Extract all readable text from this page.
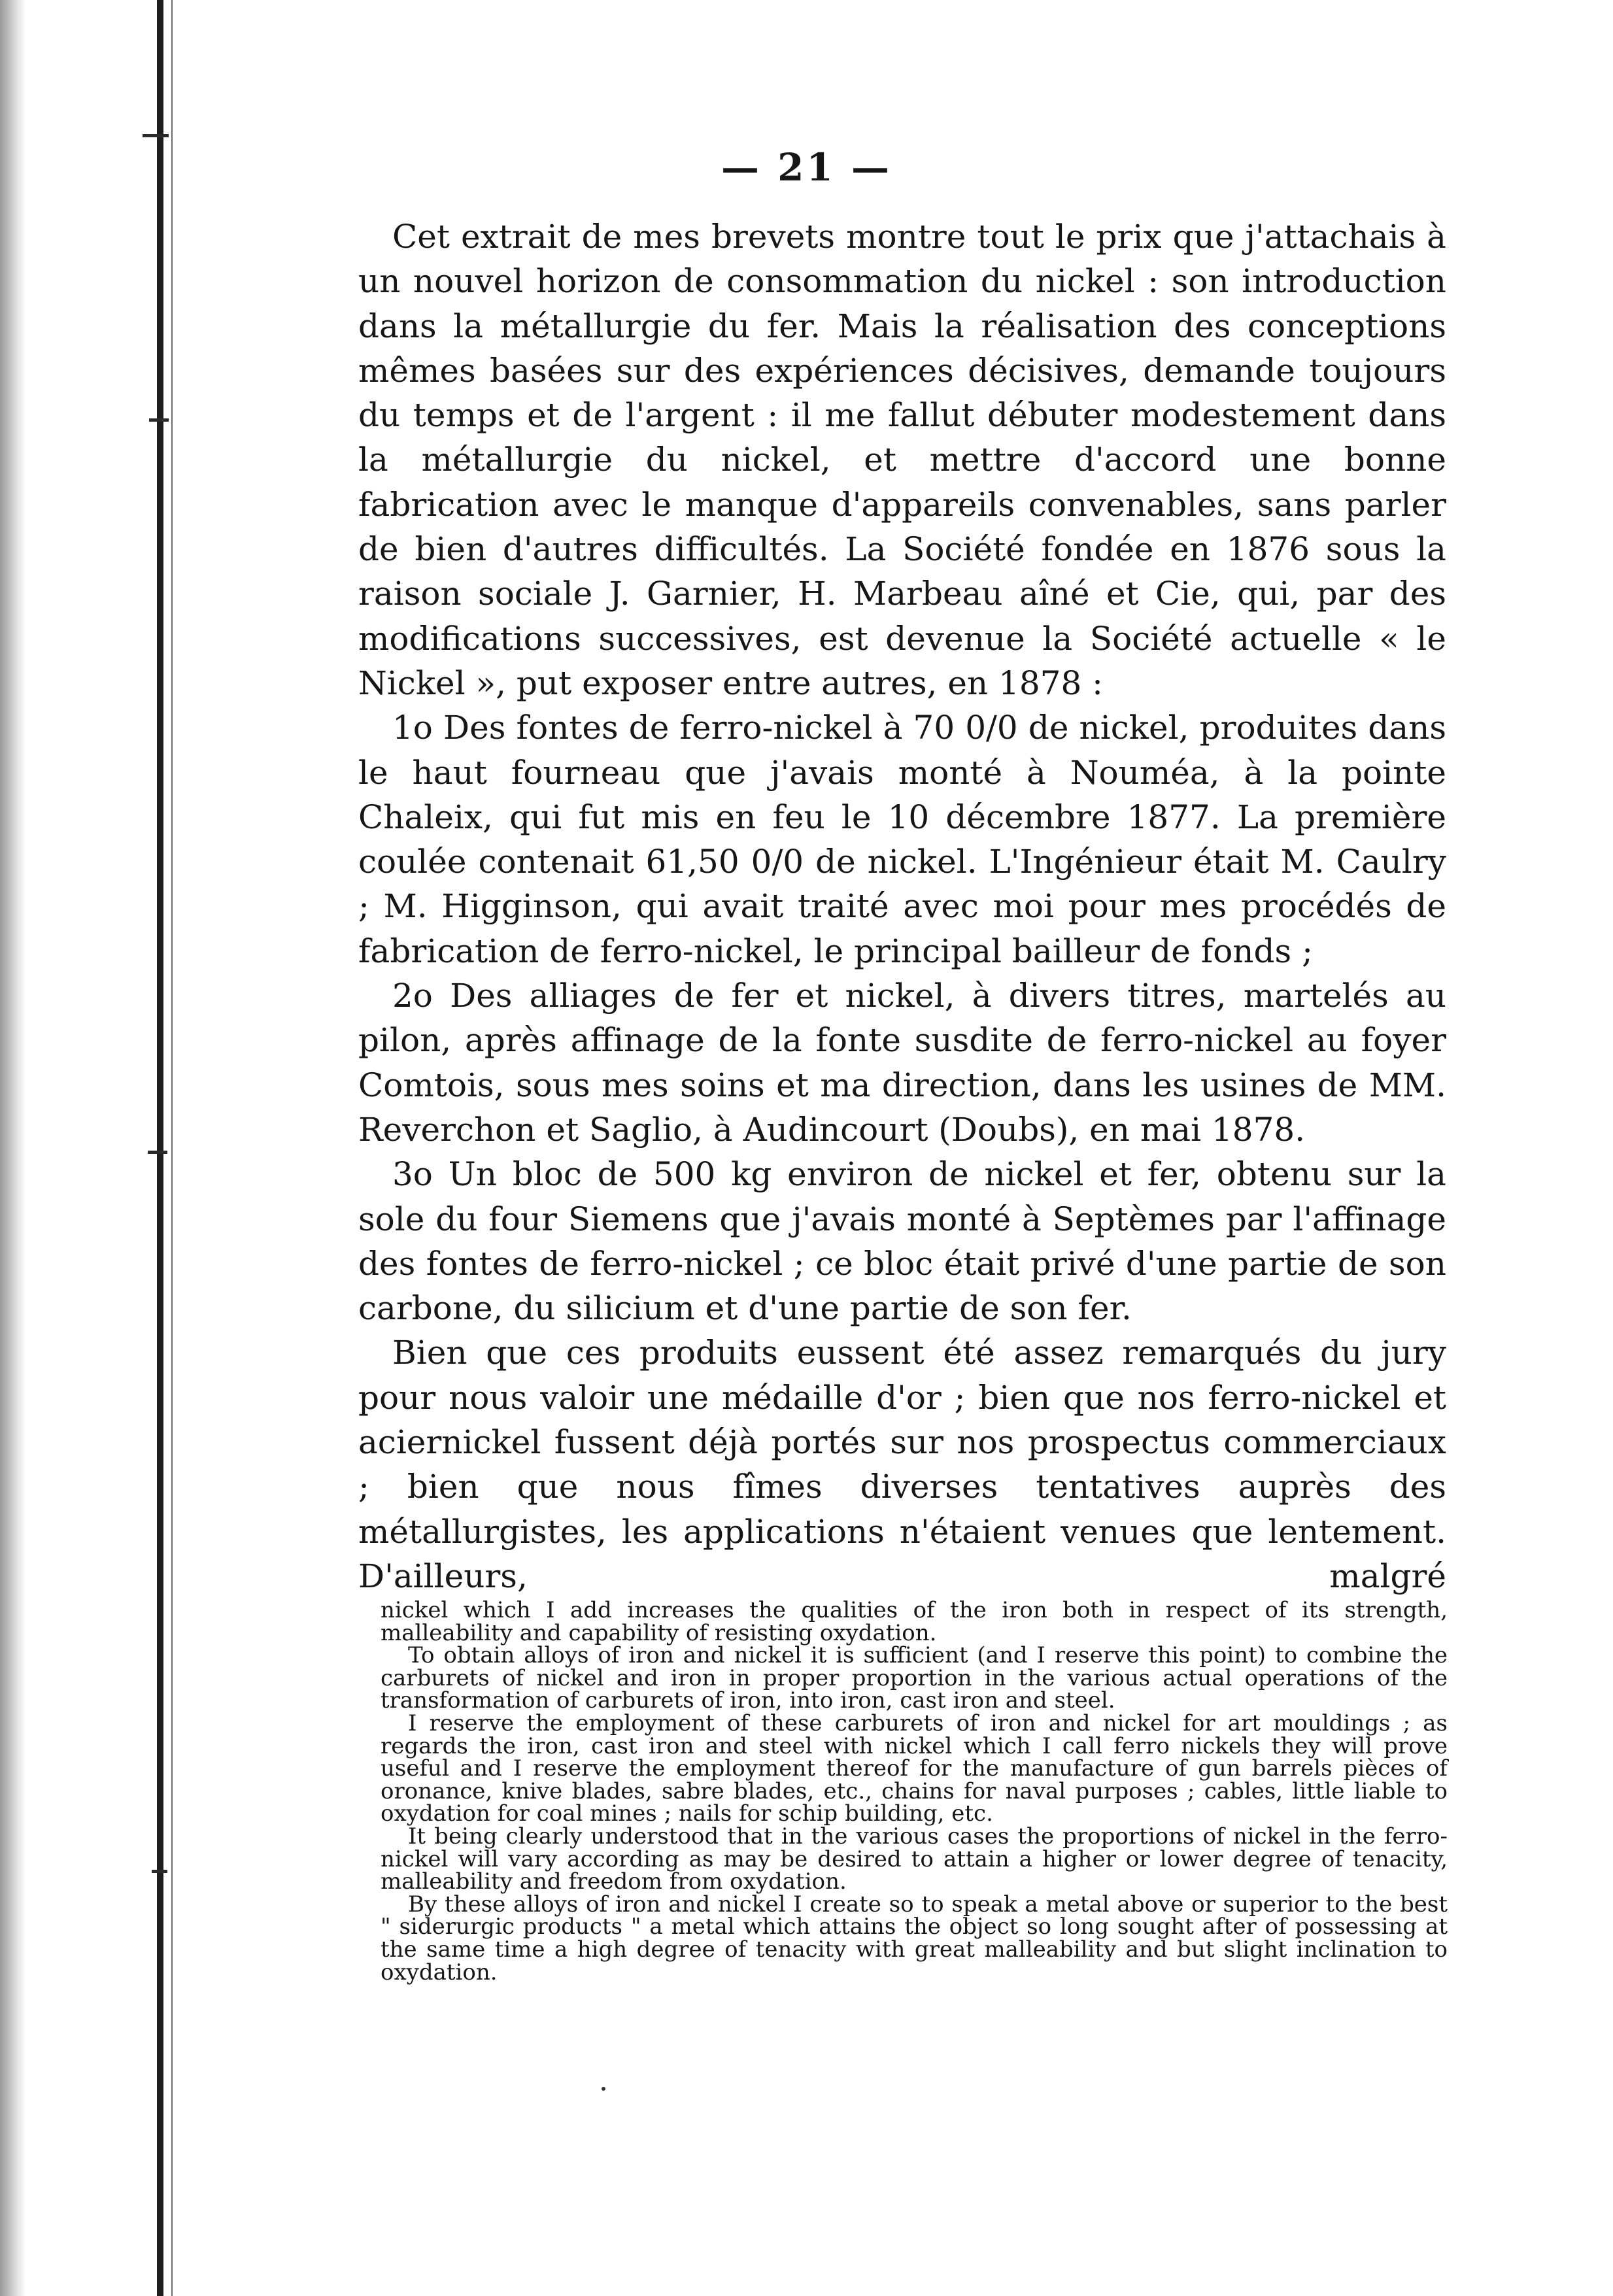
— 21 —

Cet extrait de mes brevets montre tout le prix que j'attachais à un nouvel horizon de consommation du nickel : son introduction dans la métallurgie du fer. Mais la réalisation des conceptions mêmes basées sur des expériences décisives, demande toujours du temps et de l'argent : il me fallut débuter modestement dans la métallurgie du nickel, et mettre d'accord une bonne fabrication avec le manque d'appareils convenables, sans parler de bien d'autres difficultés. La Société fondée en 1876 sous la raison sociale J. Garnier, H. Marbeau aîné et Cie, qui, par des modifications successives, est devenue la Société actuelle « le Nickel », put exposer entre autres, en 1878 :

1o Des fontes de ferro-nickel à 70 0/0 de nickel, produites dans le haut fourneau que j'avais monté à Nouméa, à la pointe Chaleix, qui fut mis en feu le 10 décembre 1877. La première coulée contenait 61,50 0/0 de nickel. L'Ingénieur était M. Caulry ; M. Higginson, qui avait traité avec moi pour mes procédés de fabrication de ferro-nickel, le principal bailleur de fonds ;

2o Des alliages de fer et nickel, à divers titres, martelés au pilon, après affinage de la fonte susdite de ferro-nickel au foyer Comtois, sous mes soins et ma direction, dans les usines de MM. Reverchon et Saglio, à Audincourt (Doubs), en mai 1878.

3o Un bloc de 500 kg environ de nickel et fer, obtenu sur la sole du four Siemens que j'avais monté à Septèmes par l'affinage des fontes de ferro-nickel ; ce bloc était privé d'une partie de son carbone, du silicium et d'une partie de son fer.

Bien que ces produits eussent été assez remarqués du jury pour nous valoir une médaille d'or ; bien que nos ferro-nickel et aciernickel fussent déjà portés sur nos prospectus commerciaux ; bien que nous fîmes diverses tentatives auprès des métallurgistes, les applications n'étaient venues que lentement. D'ailleurs, malgré

nickel which I add increases the qualities of the iron both in respect of its strength, malleability and capability of resisting oxydation.

To obtain alloys of iron and nickel it is sufficient (and I reserve this point) to combine the carburets of nickel and iron in proper proportion in the various actual operations of the transformation of carburets of iron, into iron, cast iron and steel.

I reserve the employment of these carburets of iron and nickel for art mouldings ; as regards the iron, cast iron and steel with nickel which I call ferro nickels they will prove useful and I reserve the employment thereof for the manufacture of gun barrels pièces of oronance, knive blades, sabre blades, etc., chains for naval purposes ; cables, little liable to oxydation for coal mines ; nails for schip building, etc.

It being clearly understood that in the various cases the proportions of nickel in the ferro-nickel will vary according as may be desired to attain a higher or lower degree of tenacity, malleability and freedom from oxydation.

By these alloys of iron and nickel I create so to speak a metal above or superior to the best " siderurgic products " a metal which attains the object so long sought after of possessing at the same time a high degree of tenacity with great malleability and but slight inclination to oxydation.
